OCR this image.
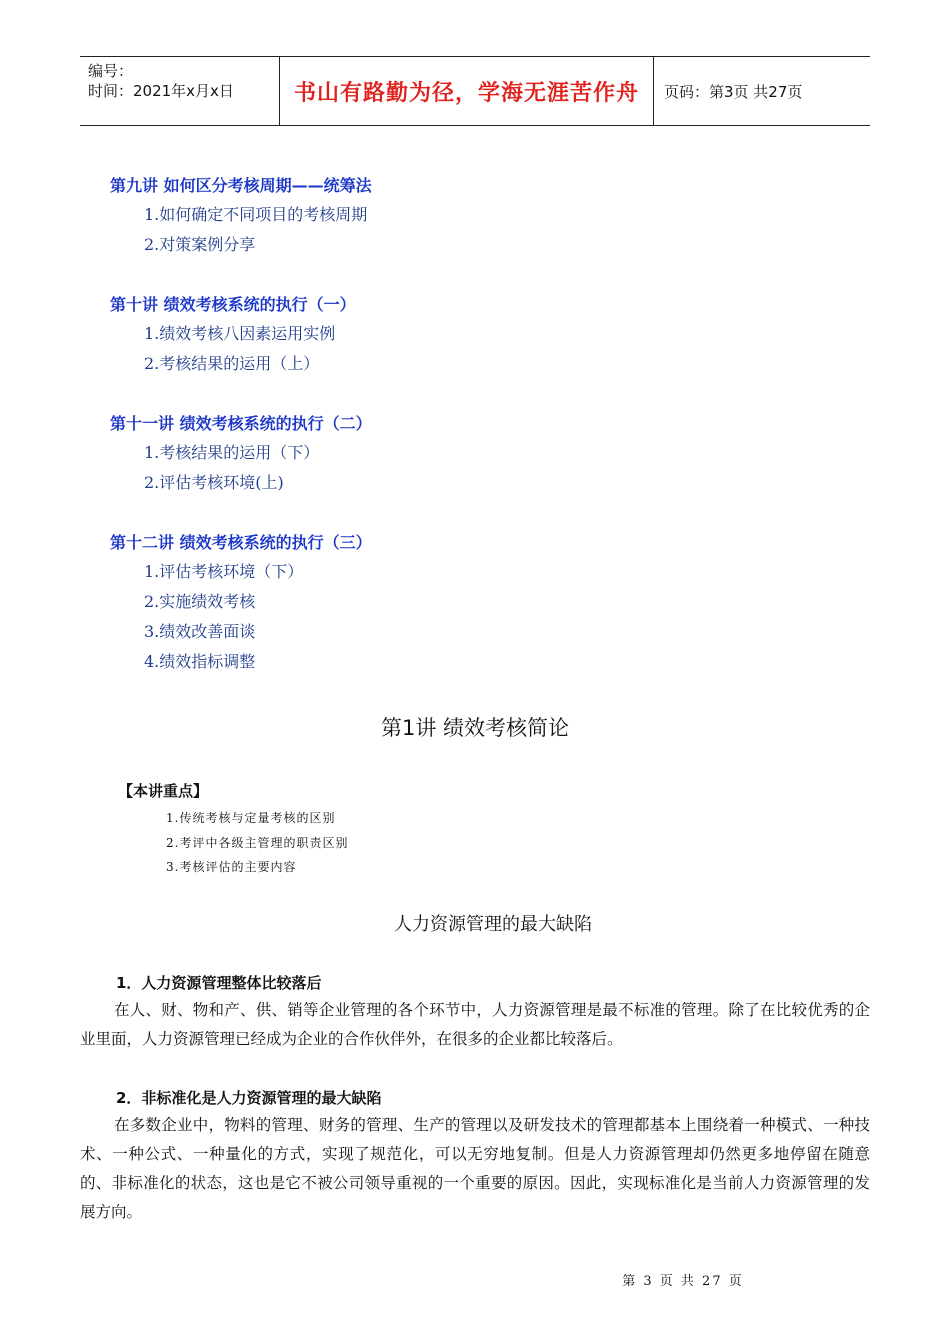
编号：
时间：2021年x月x日	书山有路勤为径，学海无涯苦作舟	页码：第3页 共27页
第九讲 如何区分考核周期——统筹法
1.如何确定不同项目的考核周期
2.对策案例分享
第十讲 绩效考核系统的执行（一）
1.绩效考核八因素运用实例
2.考核结果的运用（上）
第十一讲 绩效考核系统的执行（二）
1.考核结果的运用（下）
2.评估考核环境(上)
第十二讲 绩效考核系统的执行（三）
1.评估考核环境（下）
2.实施绩效考核
3.绩效改善面谈
4.绩效指标调整
第1讲 绩效考核简论
【本讲重点】
1.传统考核与定量考核的区别
2.考评中各级主管理的职责区别
3.考核评估的主要内容
人力资源管理的最大缺陷
1．人力资源管理整体比较落后

在人、财、物和产、供、销等企业管理的各个环节中，人力资源管理是最不标准的管理。除了在比较优秀的企业里面，人力资源管理已经成为企业的合作伙伴外，在很多的企业都比较落后。

2．非标准化是人力资源管理的最大缺陷

在多数企业中，物料的管理、财务的管理、生产的管理以及研发技术的管理都基本上围绕着一种模式、一种技术、一种公式、一种量化的方式，实现了规范化，可以无穷地复制。但是人力资源管理却仍然更多地停留在随意的、非标准化的状态，这也是它不被公司领导重视的一个重要的原因。因此，实现标准化是当前人力资源管理的发展方向。

第 3 页 共 27 页
